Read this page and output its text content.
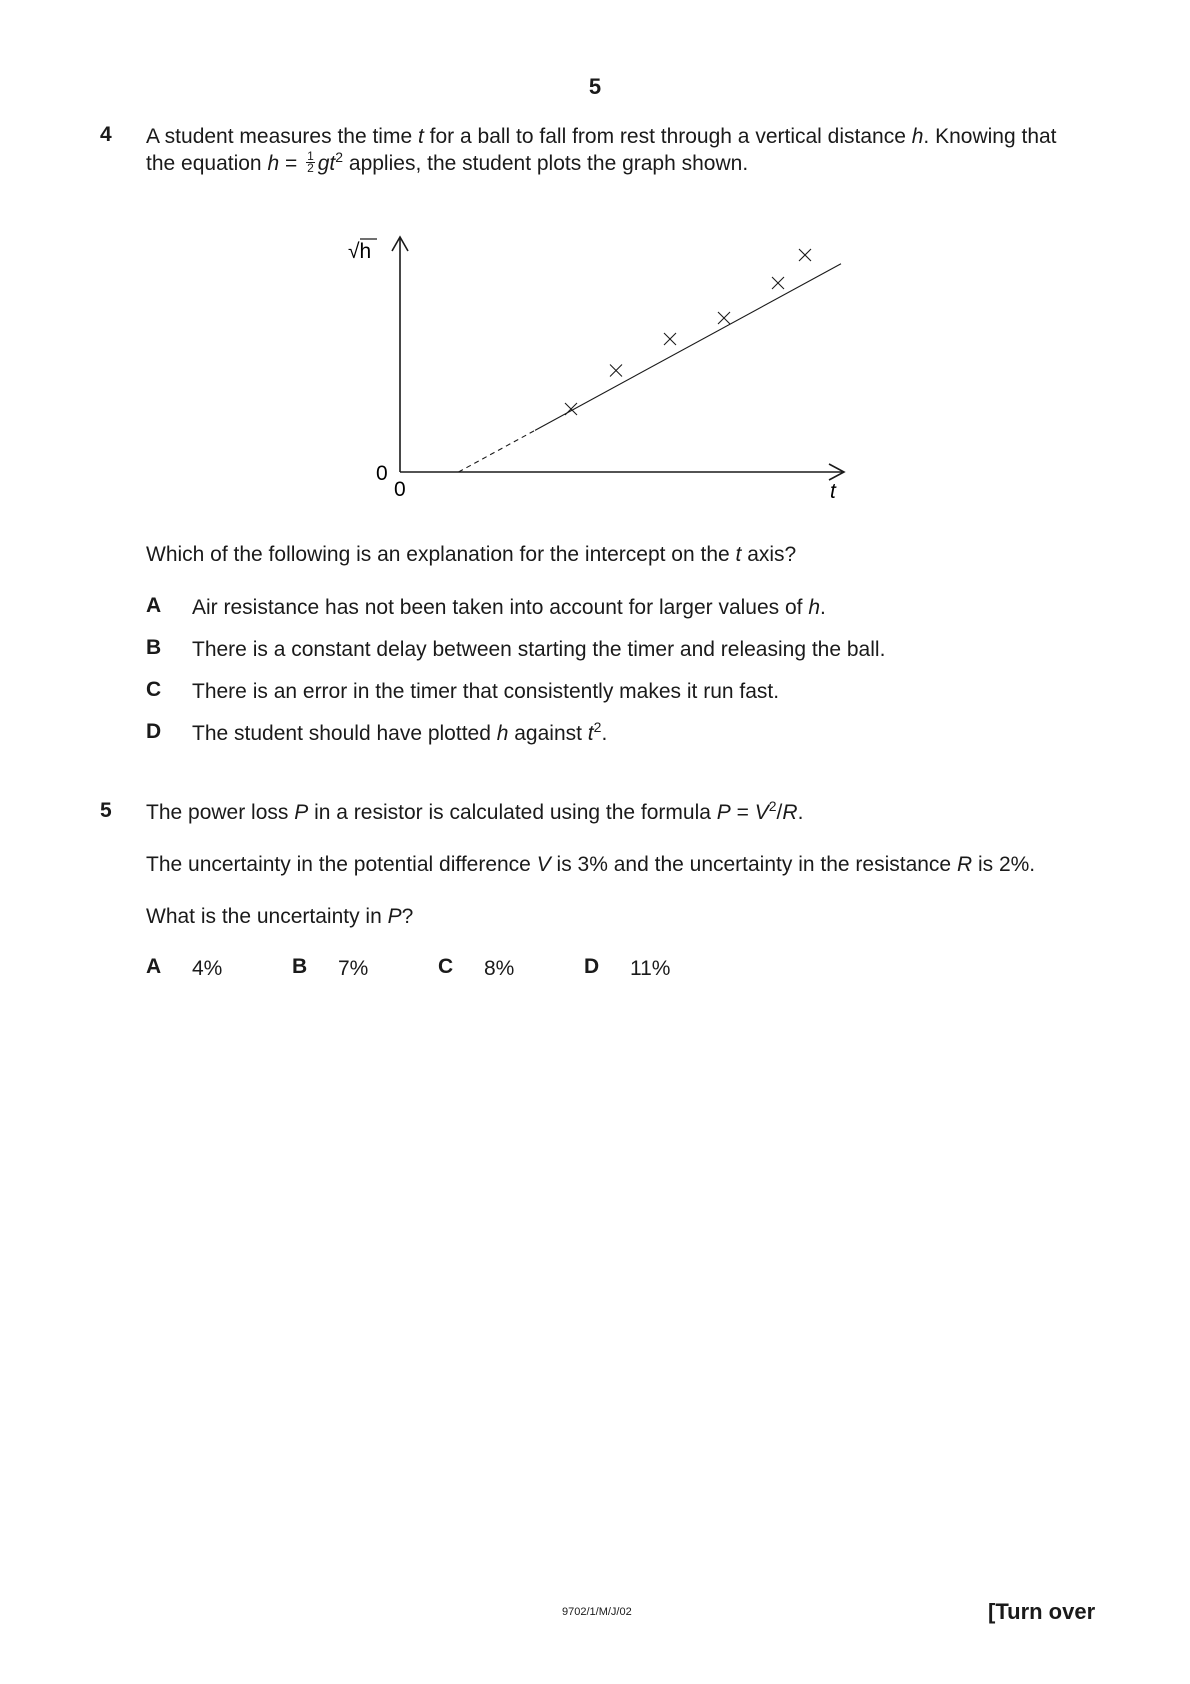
5
4 A student measures the time t for a ball to fall from rest through a vertical distance h. Knowing that
the equation $h = \frac{1}{2} gt^2$ applies, the student plots the graph shown.
√h
0
0	t
Which of the following is an explanation for the intercept on the t axis?
A Air resistance has not been taken into account for larger values of h.
B There is a constant delay between starting the timer and releasing the ball.
C There is an error in the timer that consistently makes it run fast.
D The student should have plotted h against $t^2$.
5 The power loss P in a resistor is calculated using the formula $P = V^2/R$.
The uncertainty in the potential difference V is 3% and the uncertainty in the resistance R is 2%.
What is the uncertainty in P?
A 4%	B 7%	C 8%	D 11%
9702/1/M/J/02	[Turn over
